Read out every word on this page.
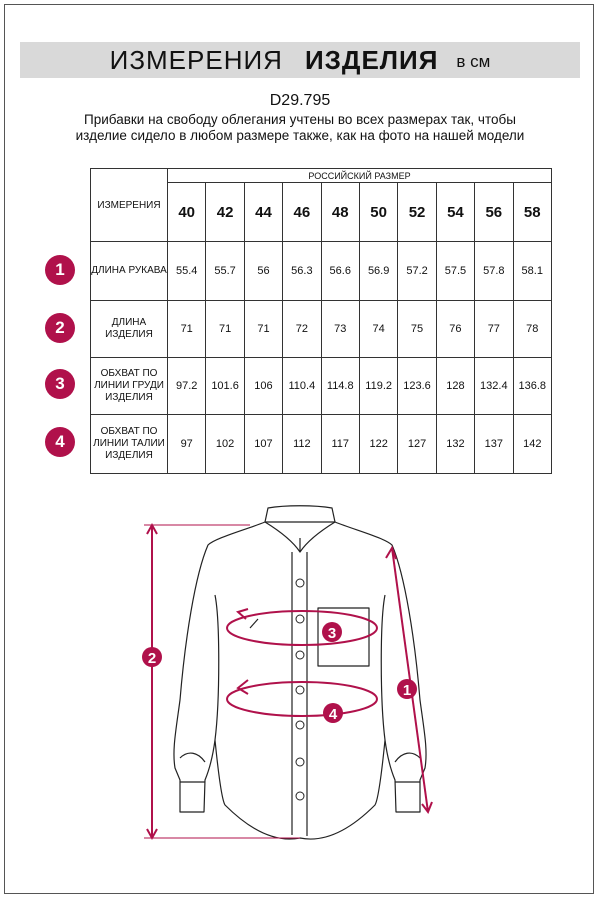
ИЗМЕРЕНИЯ ИЗДЕЛИЯ в см
D29.795
Прибавки на свободу облегания учтены во всех размерах так, чтобы изделие сидело в любом размере также, как на фото на нашей модели
ИЗМЕРЕНИЯ	РОССИЙСКИЙ РАЗМЕР									
	40	42	44	46	48	50	52	54	56	58
ДЛИНА РУКАВА	55.4	55.7	56	56.3	56.6	56.9	57.2	57.5	57.8	58.1
ДЛИНА ИЗДЕЛИЯ	71	71	71	72	73	74	75	76	77	78
ОБХВАТ ПО ЛИНИИ ГРУДИ ИЗДЕЛИЯ	97.2	101.6	106	110.4	114.8	119.2	123.6	128	132.4	136.8
ОБХВАТ ПО ЛИНИИ ТАЛИИ ИЗДЕЛИЯ	97	102	107	112	117	122	127	132	137	142
1
2
3
4
1
2
3
4
